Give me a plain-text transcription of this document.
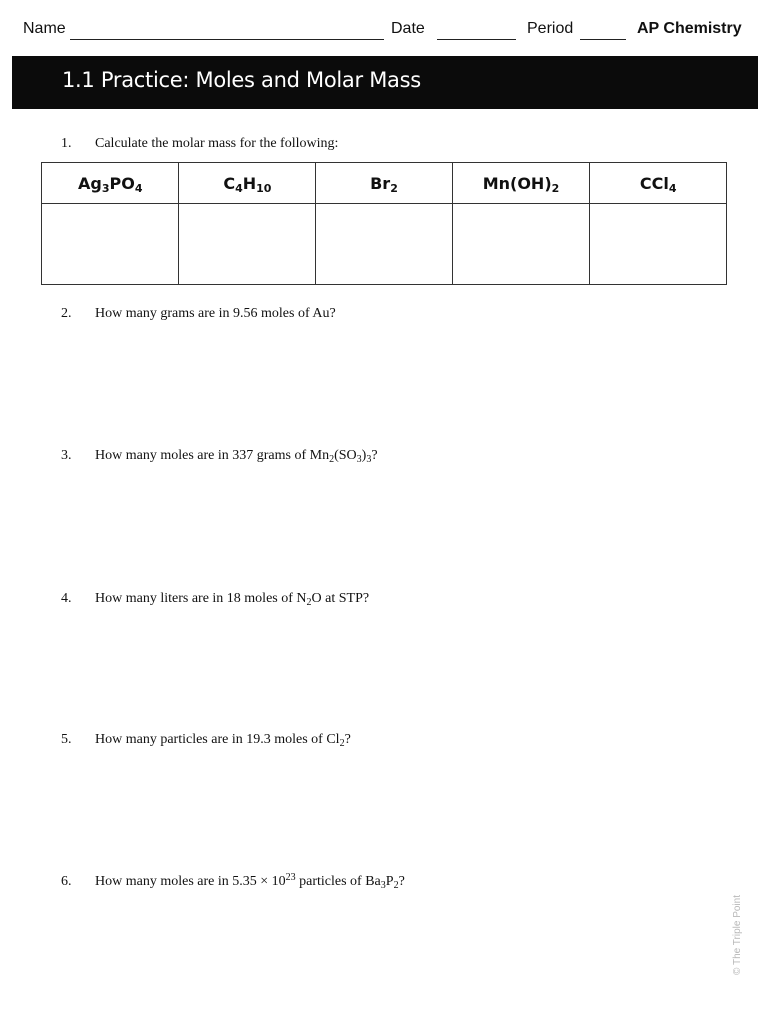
Name	Date	Period	AP Chemistry
1.1 Practice: Moles and Molar Mass
1. Calculate the molar mass for the following:
$Ag_3PO_4$	$C_4H_{10}$	$Br_2$	$Mn(OH)_2$	CCl$_4$

2. How many grams are in 9.56 moles of Au?
3. How many moles are in 337 grams of $Mn_2(SO_3)_3$?
4. How many liters are in 18 moles of $N_2O$ at STP?
5. How many particles are in 19.3 moles of $Cl_2$?
6. How many moles are in $5.35 \times 10^{23}$ particles of $Ba_3P_2$?
© The Triple Point
